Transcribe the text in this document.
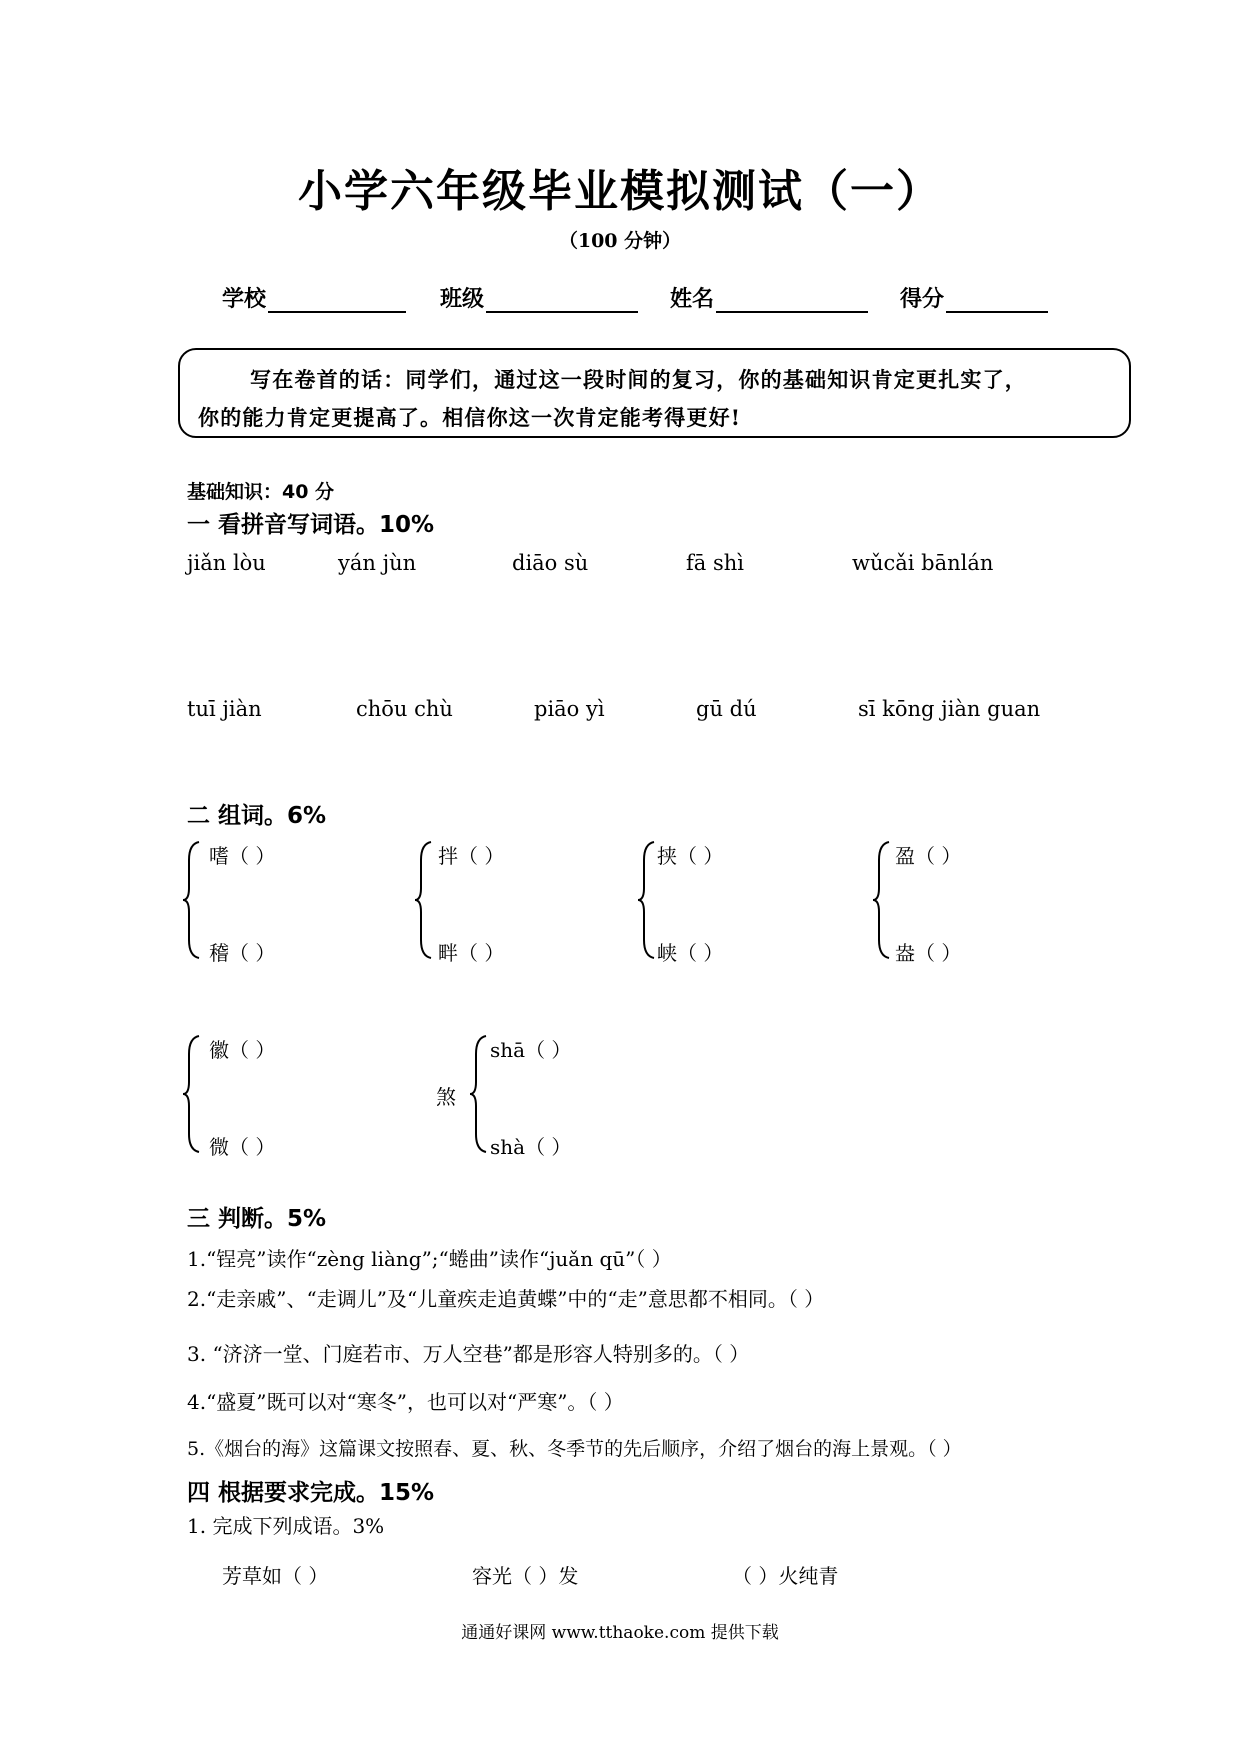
小学六年级毕业模拟测试（一）
（100 分钟）
学校	班级	姓名	得分
写在卷首的话：同学们，通过这一段时间的复习，你的基础知识肯定更扎实了，
你的能力肯定更提高了。相信你这一次肯定能考得更好!
基础知识：40 分
一 看拼音写词语。10%
jiǎn lòu	yán jùn	diāo sù	fā shì	wǔcǎi bānlán
tuī jiàn	chōu chù	piāo yì	gū dú	sī kōng jiàn guan
二 组词。6%
嗜（ ）
稽（ ）
拌（ ）
畔（ ）
挟（ ）
峡（ ）
盈（ ）
盎（ ）
徽（ ）
微（ ）
煞
shā（ ）
shà（ ）
三 判断。5%
1.“锃亮”读作“zèng liàng”;“蜷曲”读作“juǎn qū”（ ）
2.“走亲戚”、“走调儿”及“儿童疾走追黄蝶”中的“走”意思都不相同。（ ）
3. “济济一堂、门庭若市、万人空巷”都是形容人特别多的。（ ）
4.“盛夏”既可以对“寒冬”，也可以对“严寒”。（ ）
5.《烟台的海》这篇课文按照春、夏、秋、冬季节的先后顺序，介绍了烟台的海上景观。（ ）
四 根据要求完成。15%
1. 完成下列成语。3%
芳草如（ ）	容光（ ）发	（ ）火纯青
通通好课网 www.tthaoke.com 提供下载
